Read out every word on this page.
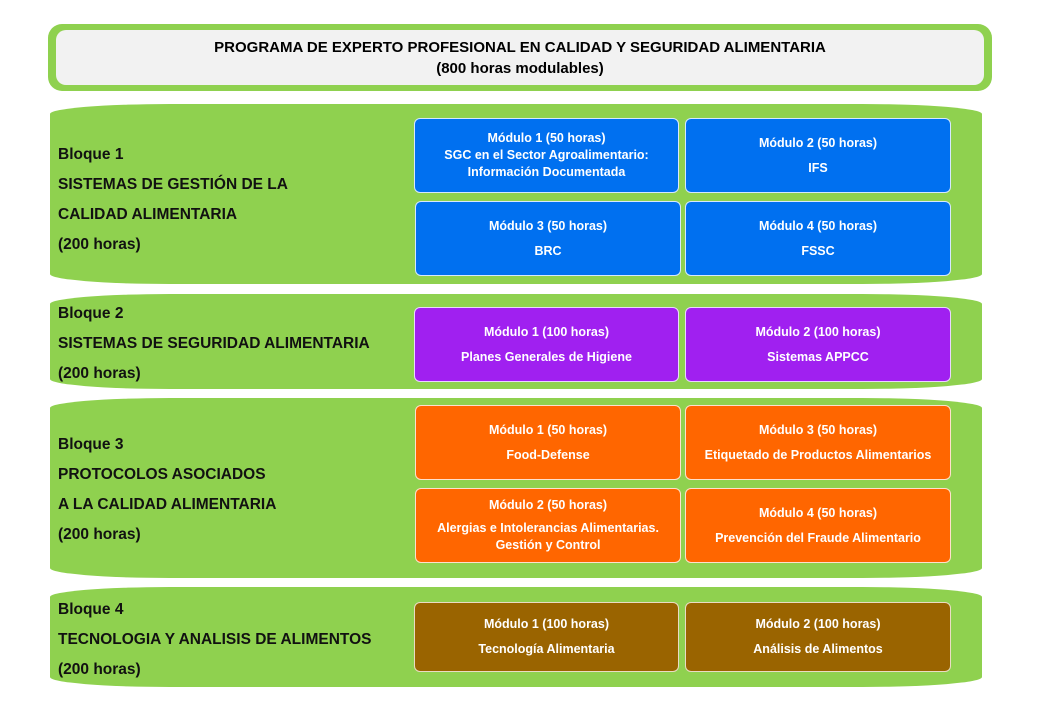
PROGRAMA DE EXPERTO PROFESIONAL EN CALIDAD Y SEGURIDAD ALIMENTARIA
(800 horas modulables)
Bloque 1
SISTEMAS DE GESTIÓN DE LA
CALIDAD ALIMENTARIA
(200 horas)
Módulo 1 (50 horas)
SGC en el Sector Agroalimentario:
Información Documentada
Módulo 2 (50 horas)
IFS
Módulo 3 (50 horas)
BRC
Módulo 4 (50 horas)
FSSC
Bloque 2
SISTEMAS DE SEGURIDAD ALIMENTARIA
(200 horas)
Módulo 1 (100 horas)
Planes Generales de Higiene
Módulo 2 (100 horas)
Sistemas APPCC
Bloque 3
PROTOCOLOS ASOCIADOS
A LA CALIDAD ALIMENTARIA
(200 horas)
Módulo 1 (50 horas)
Food-Defense
Módulo 3 (50 horas)
Etiquetado de Productos Alimentarios
Módulo 2 (50 horas)
Alergias e Intolerancias Alimentarias.
Gestión y Control
Módulo 4 (50 horas)
Prevención del Fraude Alimentario
Bloque 4
TECNOLOGIA Y ANALISIS DE ALIMENTOS
(200 horas)
Módulo 1 (100 horas)
Tecnología Alimentaria
Módulo 2 (100 horas)
Análisis de Alimentos
